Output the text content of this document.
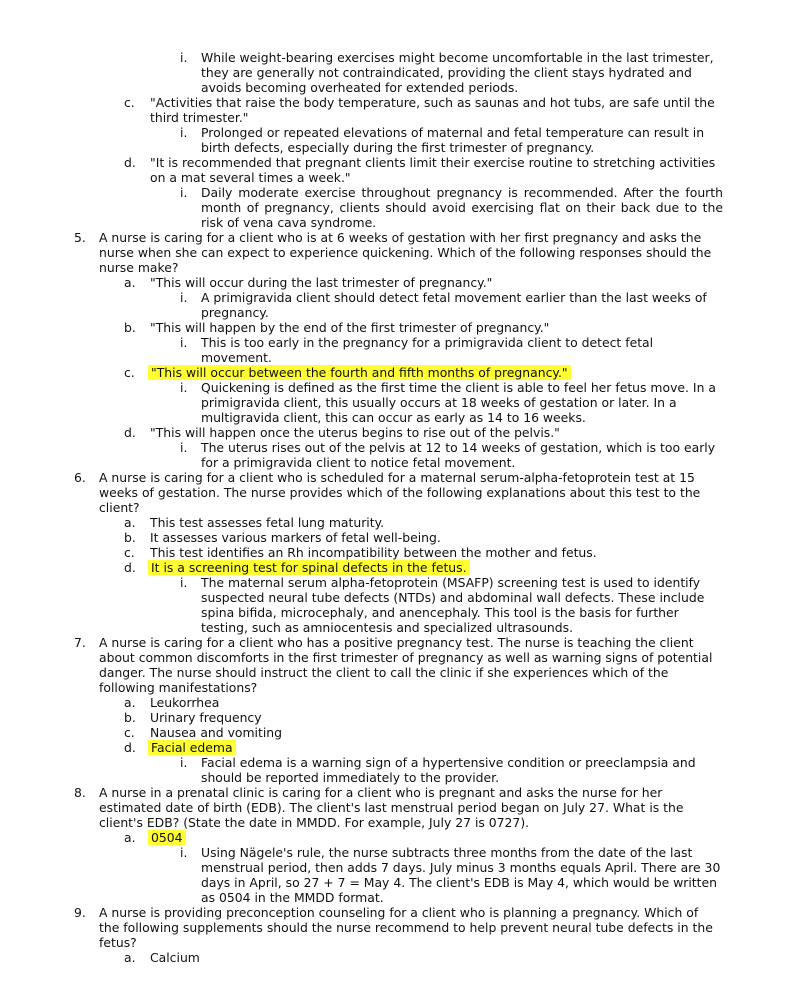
i. While weight-bearing exercises might become uncomfortable in the last trimester,
they are generally not contraindicated, providing the client stays hydrated and
avoids becoming overheated for extended periods.
c. "Activities that raise the body temperature, such as saunas and hot tubs, are safe until the
third trimester."
i. Prolonged or repeated elevations of maternal and fetal temperature can result in
birth defects, especially during the first trimester of pregnancy.
d. "It is recommended that pregnant clients limit their exercise routine to stretching activities
on a mat several times a week."
i. Daily moderate exercise throughout pregnancy is recommended. After the fourth
month of pregnancy, clients should avoid exercising flat on their back due to the
risk of vena cava syndrome.
5. A nurse is caring for a client who is at 6 weeks of gestation with her first pregnancy and asks the
nurse when she can expect to experience quickening. Which of the following responses should the
nurse make?
a. "This will occur during the last trimester of pregnancy."
i. A primigravida client should detect fetal movement earlier than the last weeks of
pregnancy.
b. "This will happen by the end of the first trimester of pregnancy."
i. This is too early in the pregnancy for a primigravida client to detect fetal
movement.
c. "This will occur between the fourth and fifth months of pregnancy."
i. Quickening is defined as the first time the client is able to feel her fetus move. In a
primigravida client, this usually occurs at 18 weeks of gestation or later. In a
multigravida client, this can occur as early as 14 to 16 weeks.
d. "This will happen once the uterus begins to rise out of the pelvis."
i. The uterus rises out of the pelvis at 12 to 14 weeks of gestation, which is too early
for a primigravida client to notice fetal movement.
6. A nurse is caring for a client who is scheduled for a maternal serum-alpha-fetoprotein test at 15
weeks of gestation. The nurse provides which of the following explanations about this test to the
client?
a. This test assesses fetal lung maturity.
b. It assesses various markers of fetal well-being.
c. This test identifies an Rh incompatibility between the mother and fetus.
d. It is a screening test for spinal defects in the fetus.
i. The maternal serum alpha-fetoprotein (MSAFP) screening test is used to identify
suspected neural tube defects (NTDs) and abdominal wall defects. These include
spina bifida, microcephaly, and anencephaly. This tool is the basis for further
testing, such as amniocentesis and specialized ultrasounds.
7. A nurse is caring for a client who has a positive pregnancy test. The nurse is teaching the client
about common discomforts in the first trimester of pregnancy as well as warning signs of potential
danger. The nurse should instruct the client to call the clinic if she experiences which of the
following manifestations?
a. Leukorrhea
b. Urinary frequency
c. Nausea and vomiting
d. Facial edema
i. Facial edema is a warning sign of a hypertensive condition or preeclampsia and
should be reported immediately to the provider.
8. A nurse in a prenatal clinic is caring for a client who is pregnant and asks the nurse for her
estimated date of birth (EDB). The client's last menstrual period began on July 27. What is the
client's EDB? (State the date in MMDD. For example, July 27 is 0727).
a. 0504
i. Using Nägele's rule, the nurse subtracts three months from the date of the last
menstrual period, then adds 7 days. July minus 3 months equals April. There are 30
days in April, so 27 + 7 = May 4. The client's EDB is May 4, which would be written
as 0504 in the MMDD format.
9. A nurse is providing preconception counseling for a client who is planning a pregnancy. Which of
the following supplements should the nurse recommend to help prevent neural tube defects in the
fetus?
a. Calcium
